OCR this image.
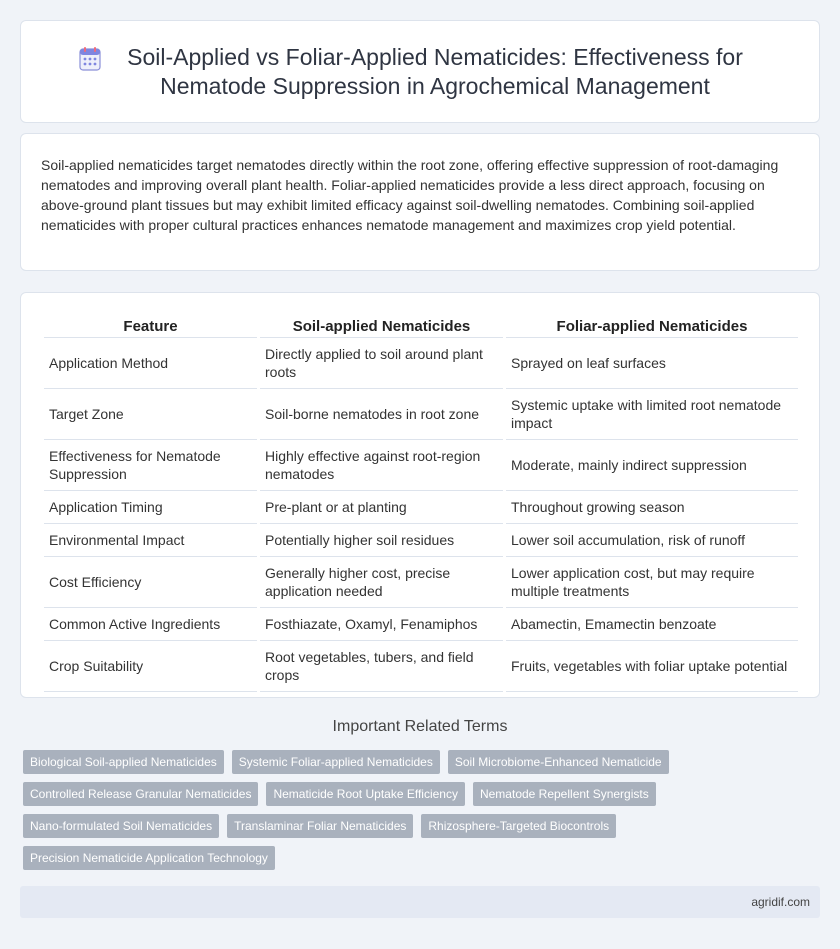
Soil-Applied vs Foliar-Applied Nematicides: Effectiveness for Nematode Suppression in Agrochemical Management

Soil-applied nematicides target nematodes directly within the root zone, offering effective suppression of root-damaging nematodes and improving overall plant health. Foliar-applied nematicides provide a less direct approach, focusing on above-ground plant tissues but may exhibit limited efficacy against soil-dwelling nematodes. Combining soil-applied nematicides with proper cultural practices enhances nematode management and maximizes crop yield potential.

Feature	Soil-applied Nematicides	Foliar-applied Nematicides
Application Method	Directly applied to soil around plant roots	Sprayed on leaf surfaces
Target Zone	Soil-borne nematodes in root zone	Systemic uptake with limited root nematode impact
Effectiveness for Nematode Suppression	Highly effective against root-region nematodes	Moderate, mainly indirect suppression
Application Timing	Pre-plant or at planting	Throughout growing season
Environmental Impact	Potentially higher soil residues	Lower soil accumulation, risk of runoff
Cost Efficiency	Generally higher cost, precise application needed	Lower application cost, but may require multiple treatments
Common Active Ingredients	Fosthiazate, Oxamyl, Fenamiphos	Abamectin, Emamectin benzoate
Crop Suitability	Root vegetables, tubers, and field crops	Fruits, vegetables with foliar uptake potential
Important Related Terms
Biological Soil-applied Nematicides	Systemic Foliar-applied Nematicides	Soil Microbiome-Enhanced Nematicide
Controlled Release Granular Nematicides	Nematicide Root Uptake Efficiency	Nematode Repellent Synergists
Nano-formulated Soil Nematicides	Translaminar Foliar Nematicides	Rhizosphere-Targeted Biocontrols
Precision Nematicide Application Technology
agridif.com
